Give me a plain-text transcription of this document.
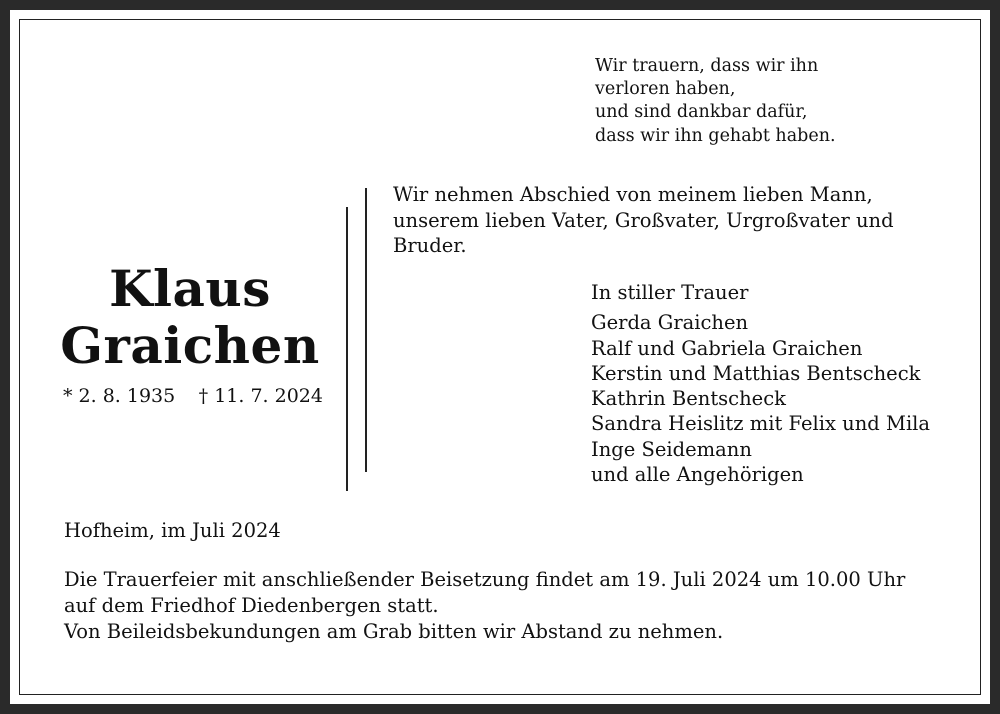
Wir trauern, dass wir ihn
verloren haben,
und sind dankbar dafür,
dass wir ihn gehabt haben.
Klaus
Graichen
* 2. 8. 1935 † 11. 7. 2024
Wir nehmen Abschied von meinem lieben Mann,
unserem lieben Vater, Großvater, Urgroßvater und
Bruder.
In stiller Trauer
Gerda Graichen
Ralf und Gabriela Graichen
Kerstin und Matthias Bentscheck
Kathrin Bentscheck
Sandra Heislitz mit Felix und Mila
Inge Seidemann
und alle Angehörigen
Hofheim, im Juli 2024
Die Trauerfeier mit anschließender Beisetzung findet am 19. Juli 2024 um 10.00 Uhr
auf dem Friedhof Diedenbergen statt.
Von Beileidsbekundungen am Grab bitten wir Abstand zu nehmen.
